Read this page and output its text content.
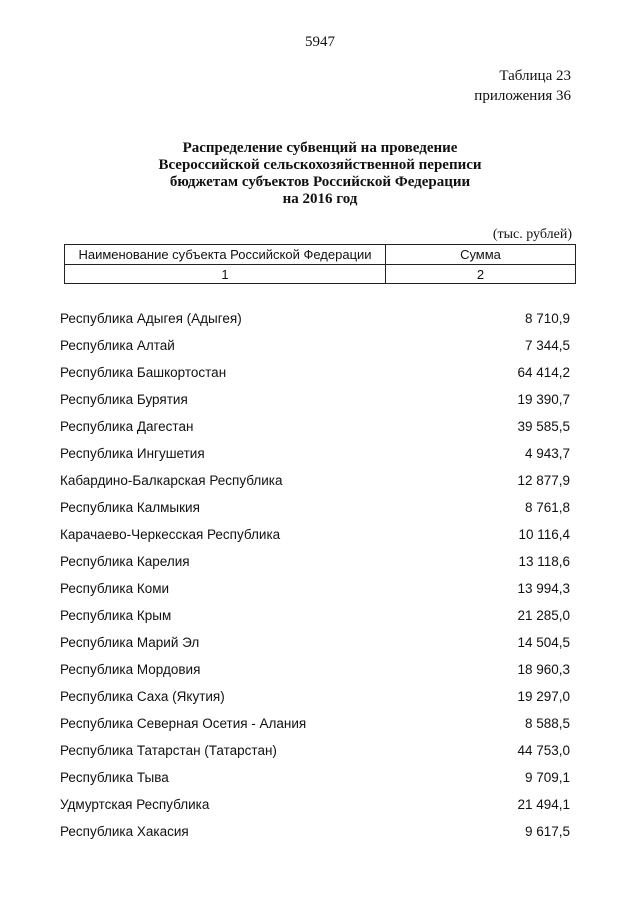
5947
Таблица 23
приложения 36
Распределение субвенций на проведение
Всероссийской сельскохозяйственной переписи
бюджетам субъектов Российской Федерации
на 2016 год
(тыс. рублей)
Наименование субъекта Российской Федерации	Сумма
1	2
Республика Адыгея (Адыгея)	8 710,9
Республика Алтай	7 344,5
Республика Башкортостан	64 414,2
Республика Бурятия	19 390,7
Республика Дагестан	39 585,5
Республика Ингушетия	4 943,7
Кабардино-Балкарская Республика	12 877,9
Республика Калмыкия	8 761,8
Карачаево-Черкесская Республика	10 116,4
Республика Карелия	13 118,6
Республика Коми	13 994,3
Республика Крым	21 285,0
Республика Марий Эл	14 504,5
Республика Мордовия	18 960,3
Республика Саха (Якутия)	19 297,0
Республика Северная Осетия - Алания	8 588,5
Республика Татарстан (Татарстан)	44 753,0
Республика Тыва	9 709,1
Удмуртская Республика	21 494,1
Республика Хакасия	9 617,5
